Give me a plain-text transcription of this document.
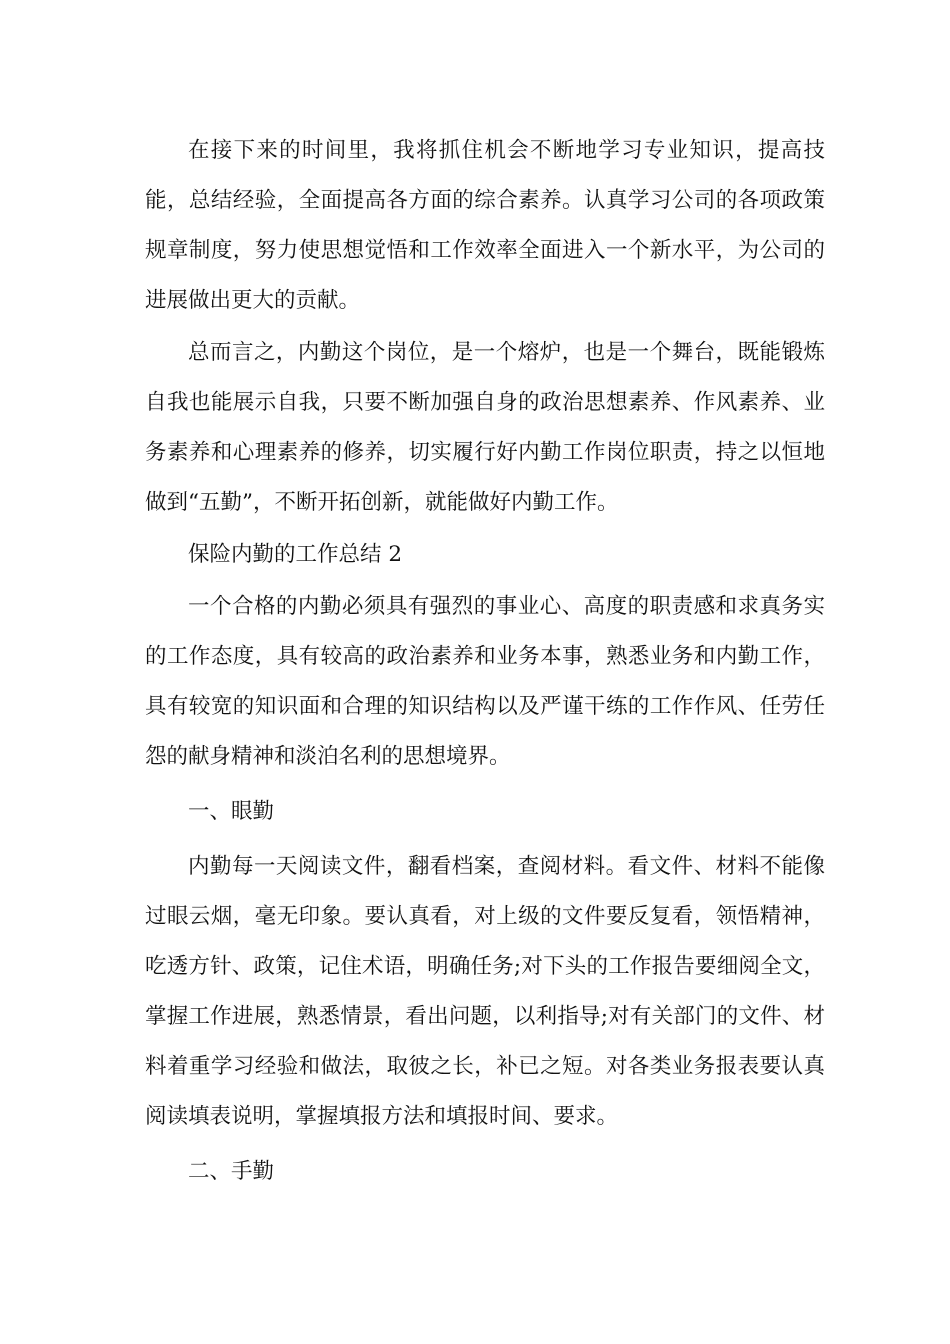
在接下来的时间里，我将抓住机会不断地学习专业知识，提高技能，总结经验，全面提高各方面的综合素养。认真学习公司的各项政策规章制度，努力使思想觉悟和工作效率全面进入一个新水平，为公司的进展做出更大的贡献。

总而言之，内勤这个岗位，是一个熔炉，也是一个舞台，既能锻炼自我也能展示自我，只要不断加强自身的政治思想素养、作风素养、业务素养和心理素养的修养，切实履行好内勤工作岗位职责，持之以恒地做到“五勤”，不断开拓创新，就能做好内勤工作。

保险内勤的工作总结 2

一个合格的内勤必须具有强烈的事业心、高度的职责感和求真务实的工作态度，具有较高的政治素养和业务本事，熟悉业务和内勤工作，具有较宽的知识面和合理的知识结构以及严谨干练的工作作风、任劳任怨的献身精神和淡泊名利的思想境界。

一、眼勤

内勤每一天阅读文件，翻看档案，查阅材料。看文件、材料不能像过眼云烟，毫无印象。要认真看，对上级的文件要反复看，领悟精神，吃透方针、政策，记住术语，明确任务;对下头的工作报告要细阅全文，掌握工作进展，熟悉情景，看出问题，以利指导;对有关部门的文件、材料着重学习经验和做法，取彼之长，补已之短。对各类业务报表要认真阅读填表说明，掌握填报方法和填报时间、要求。

二、手勤
